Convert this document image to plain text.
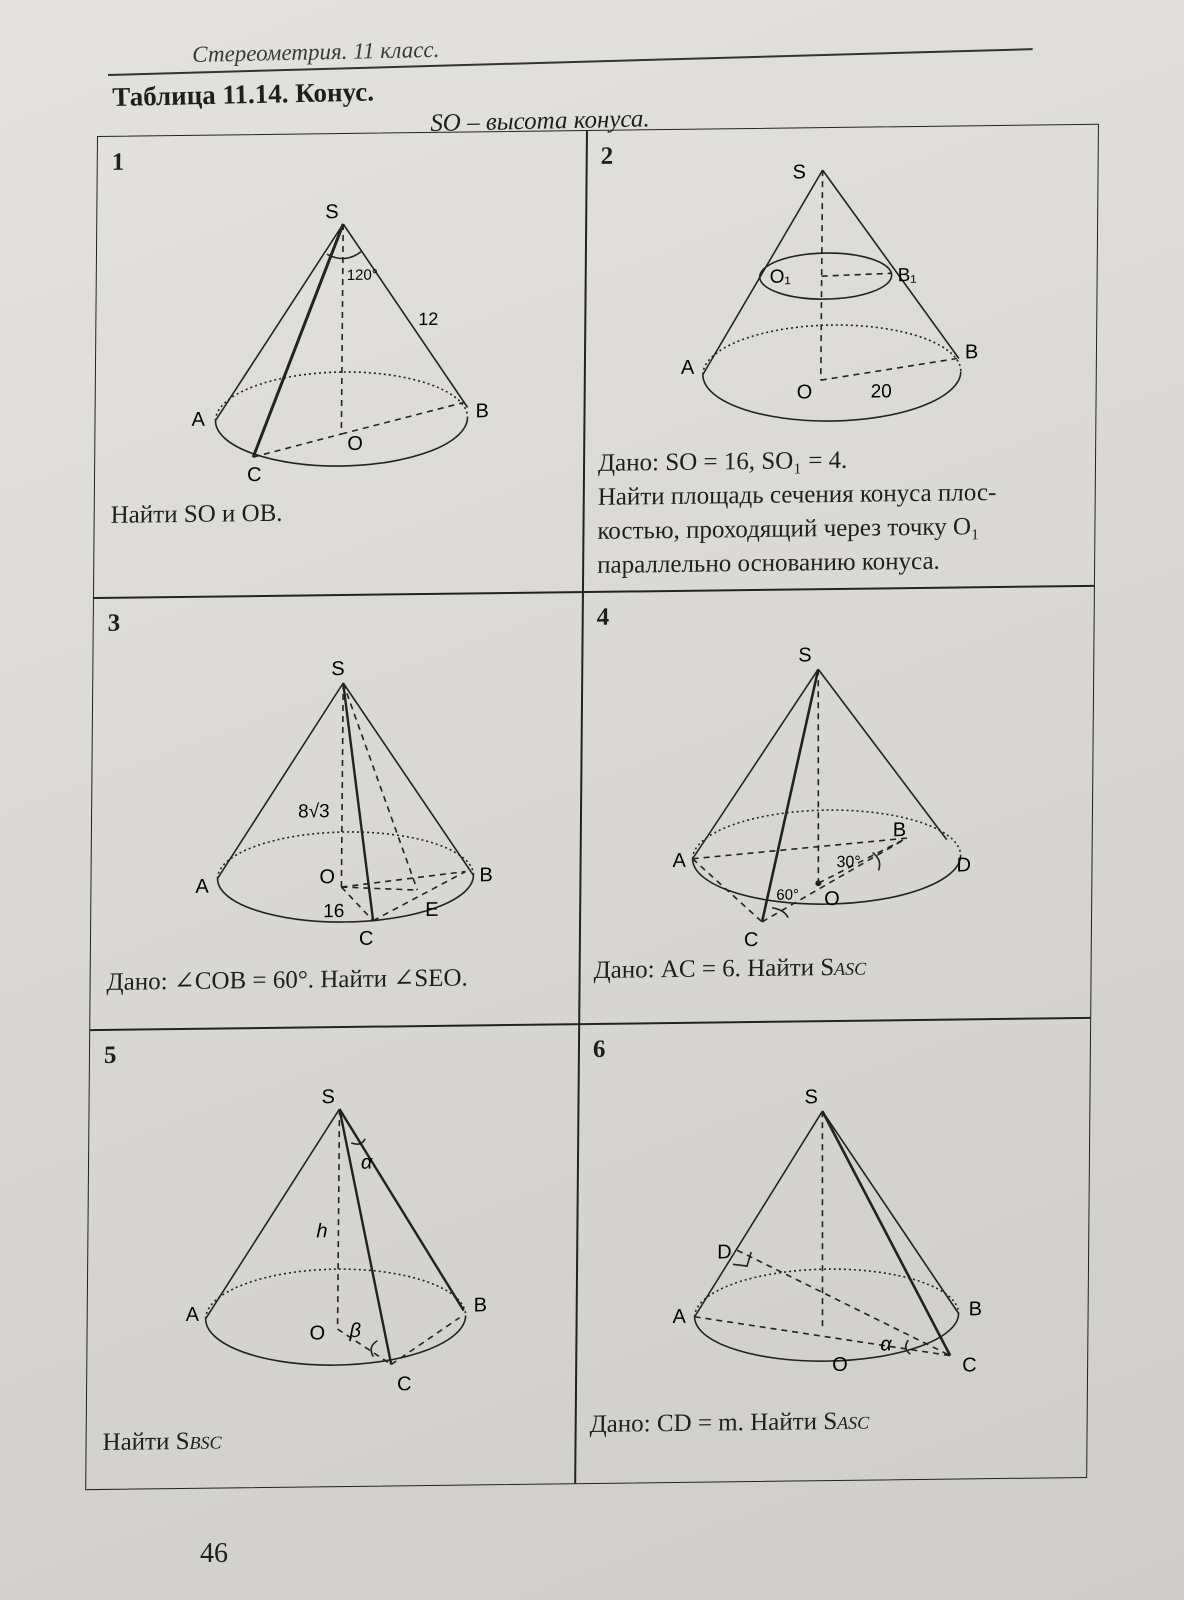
Стереометрия. 11 класс.
Таблица 11.14. Конус.
SO – высота конуса.
1
S
120°
12
A	B
O
C
Найти SO и OB.
2
S
O₁	B₁
A
B
O	20
Дано: SO = 16, SO₁ = 4.
Найти площадь сечения конуса плос-
костью, проходящий через точку O₁
параллельно основанию конуса.
3
S
8√3
A	O	B
16	E
C
Дано: ∠COB = 60°. Найти ∠SEO.
4
S
B
A	30°	D
60° O
C
Дано: AC = 6. Найти SASC
5
S
α
h
A	B
O β
C
Найти SBSC
6
S
D
A	B
α
O	C
Дано: CD = m. Найти SASC
46
